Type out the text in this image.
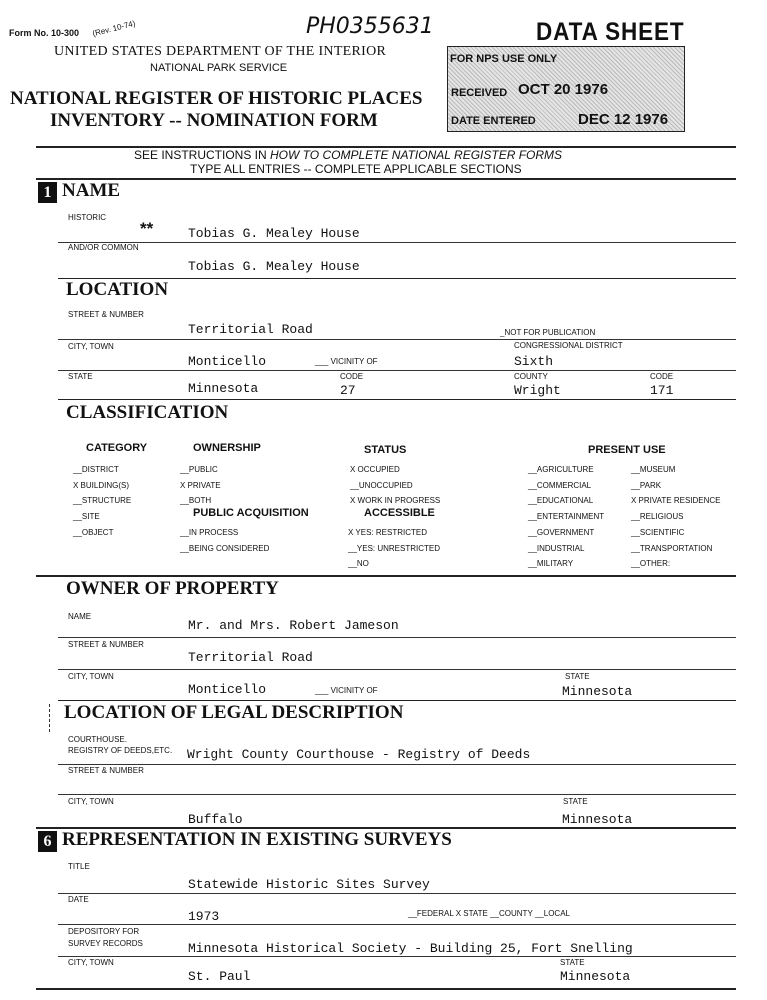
Form No. 10-300 (Rev. 10-74)	PH0355631
UNITED STATES DEPARTMENT OF THE INTERIOR
NATIONAL PARK SERVICE
NATIONAL REGISTER OF HISTORIC PLACES
INVENTORY -- NOMINATION FORM
DATA SHEET
FOR NPS USE ONLY
RECEIVED OCT 20 1976
DATE ENTERED	DEC 12 1976
SEE INSTRUCTIONS IN HOW TO COMPLETE NATIONAL REGISTER FORMS
TYPE ALL ENTRIES -- COMPLETE APPLICABLE SECTIONS
1 NAME
HISTORIC
**	Tobias G. Mealey House
AND/OR COMMON
Tobias G. Mealey House
LOCATION
STREET & NUMBER
Territorial Road	_NOT FOR PUBLICATION
CITY, TOWN	CONGRESSIONAL DISTRICT
Monticello	___ VICINITY OF	Sixth
STATE	CODE	COUNTY	CODE
Minnesota	27	Wright	171
CLASSIFICATION
CATEGORY
__DISTRICT
X BUILDING(S)
__STRUCTURE
__SITE
__OBJECT
OWNERSHIP
__PUBLIC
X PRIVATE
__BOTH
PUBLIC ACQUISITION
__IN PROCESS
__BEING CONSIDERED
STATUS
X OCCUPIED
__UNOCCUPIED
X WORK IN PROGRESS
ACCESSIBLE
X YES: RESTRICTED
__YES: UNRESTRICTED
__NO
PRESENT USE
__AGRICULTURE
__COMMERCIAL
__EDUCATIONAL
__ENTERTAINMENT
__GOVERNMENT
__INDUSTRIAL
__MILITARY
__MUSEUM
__PARK
X PRIVATE RESIDENCE
__RELIGIOUS
__SCIENTIFIC
__TRANSPORTATION
__OTHER:
OWNER OF PROPERTY
NAME
Mr. and Mrs. Robert Jameson
STREET & NUMBER
Territorial Road
CITY, TOWN	STATE
Monticello	___ VICINITY OF	Minnesota
LOCATION OF LEGAL DESCRIPTION
COURTHOUSE.
REGISTRY OF DEEDS,ETC. Wright County Courthouse - Registry of Deeds
STREET & NUMBER
CITY, TOWN	STATE
Buffalo	Minnesota
6 REPRESENTATION IN EXISTING SURVEYS
TITLE
Statewide Historic Sites Survey
DATE
1973	__FEDERAL X STATE __COUNTY __LOCAL
DEPOSITORY FOR
SURVEY RECORDS	Minnesota Historical Society - Building 25, Fort Snelling
CITY, TOWN	STATE
St. Paul	Minnesota
